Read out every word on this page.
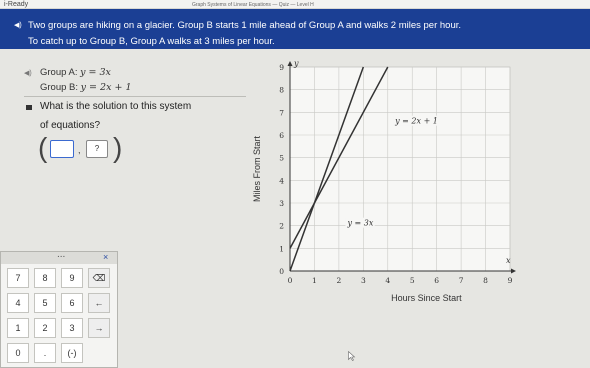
i-Ready	Graph Systems of Linear Equations — Quiz — Level H
◀) Two groups are hiking on a glacier. Group B starts 1 mile ahead of Group A and walks 2 miles per hour.
To catch up to Group B, Group A walks at 3 miles per hour.
◀) Group A: y = 3x
Group B: y = 2x + 1
What is the solution to this system
of equations?
(	,	? )
...	×
7	8	9	⌫
4	5	6	←
1	2	3	→
0	.	(-)
y
x
0	1	2	3	4	5	6	7	8	9
0
1
2
3
4
5
6
7
8
9
Hours Since Start
Miles From Start
y = 3x
y = 2x + 1
